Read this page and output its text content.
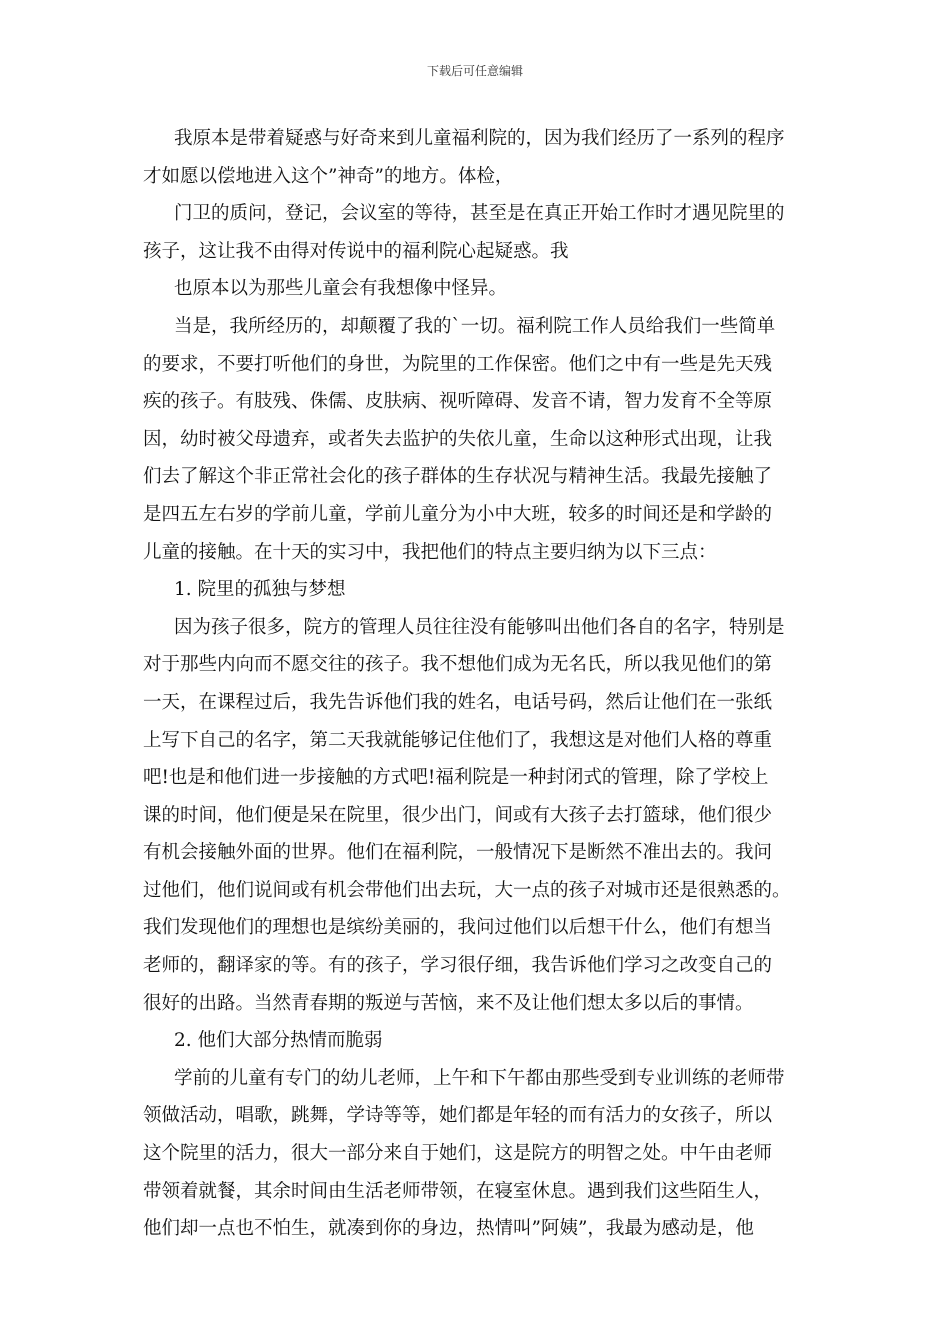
下载后可任意编辑
我原本是带着疑惑与好奇来到儿童福利院的，因为我们经历了一系列的程序
才如愿以偿地进入这个”神奇”的地方。体检，
门卫的质问，登记，会议室的等待，甚至是在真正开始工作时才遇见院里的
孩子，这让我不由得对传说中的福利院心起疑惑。我
也原本以为那些儿童会有我想像中怪异。
当是，我所经历的，却颠覆了我的`一切。福利院工作人员给我们一些简单
的要求，不要打听他们的身世，为院里的工作保密。他们之中有一些是先天残
疾的孩子。有肢残、侏儒、皮肤病、视听障碍、发音不请，智力发育不全等原
因，幼时被父母遗弃，或者失去监护的失依儿童，生命以这种形式出现，让我
们去了解这个非正常社会化的孩子群体的生存状况与精神生活。我最先接触了
是四五左右岁的学前儿童，学前儿童分为小中大班，较多的时间还是和学龄的
儿童的接触。在十天的实习中，我把他们的特点主要归纳为以下三点：
1. 院里的孤独与梦想
因为孩子很多，院方的管理人员往往没有能够叫出他们各自的名字，特别是
对于那些内向而不愿交往的孩子。我不想他们成为无名氏，所以我见他们的第
一天，在课程过后，我先告诉他们我的姓名，电话号码，然后让他们在一张纸
上写下自己的名字，第二天我就能够记住他们了，我想这是对他们人格的尊重
吧!也是和他们进一步接触的方式吧!福利院是一种封闭式的管理，除了学校上
课的时间，他们便是呆在院里，很少出门，间或有大孩子去打篮球，他们很少
有机会接触外面的世界。他们在福利院，一般情况下是断然不准出去的。我问
过他们，他们说间或有机会带他们出去玩，大一点的孩子对城市还是很熟悉的。
我们发现他们的理想也是缤纷美丽的，我问过他们以后想干什么，他们有想当
老师的，翻译家的等。有的孩子，学习很仔细，我告诉他们学习之改变自己的
很好的出路。当然青春期的叛逆与苦恼，来不及让他们想太多以后的事情。
2. 他们大部分热情而脆弱
学前的儿童有专门的幼儿老师，上午和下午都由那些受到专业训练的老师带
领做活动，唱歌，跳舞，学诗等等，她们都是年轻的而有活力的女孩子，所以
这个院里的活力，很大一部分来自于她们，这是院方的明智之处。中午由老师
带领着就餐，其余时间由生活老师带领，在寝室休息。遇到我们这些陌生人，
他们却一点也不怕生，就凑到你的身边，热情叫”阿姨”，我最为感动是，他
